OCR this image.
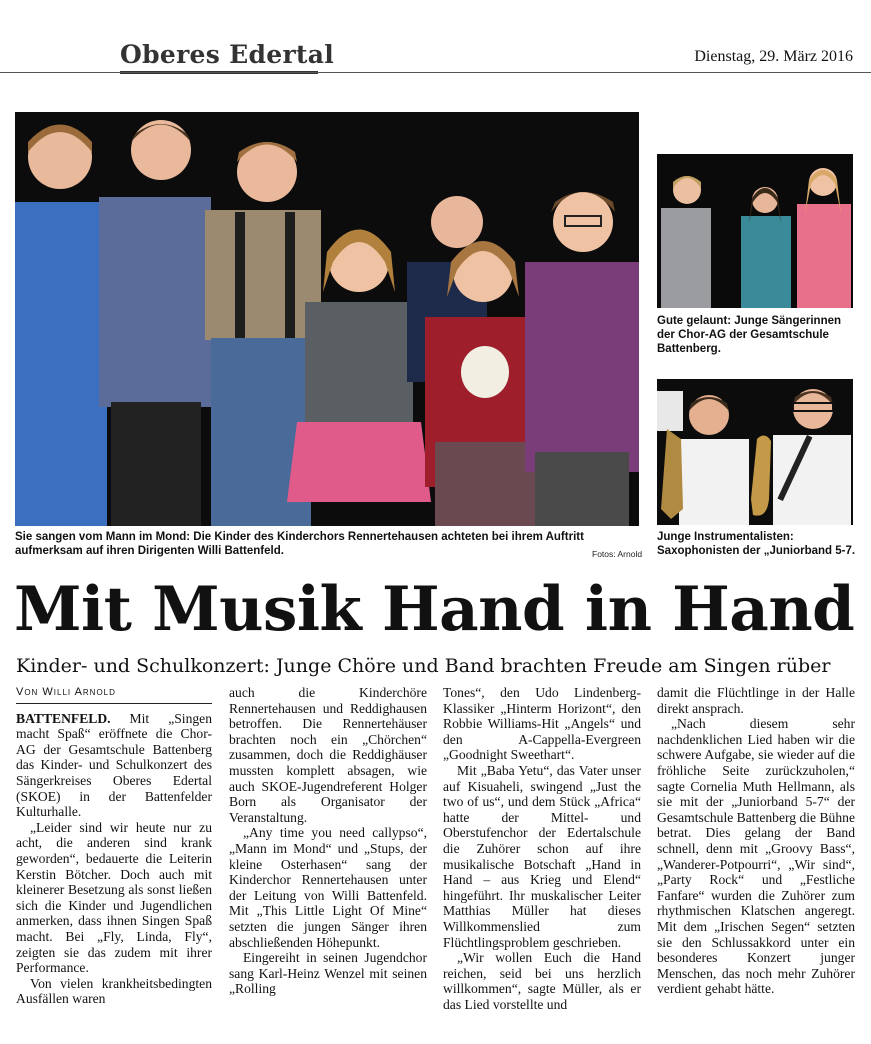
Oberes Edertal	Dienstag, 29. März 2016
Sie sangen vom Mann im Mond: Die Kinder des Kinderchors Rennertehausen achteten bei ihrem Auftritt aufmerksam auf ihren Dirigenten Willi Battenfeld.	Fotos: Arnold
Gute gelaunt: Junge Sängerinnen der Chor-AG der Gesamtschule Battenberg.
Junge Instrumentalisten: Saxophonisten der „Juniorband 5-7.
Mit Musik Hand in Hand
Kinder- und Schulkonzert: Junge Chöre und Band brachten Freude am Singen rüber
Von Willi Arnold

BATTENFELD. Mit „Singen macht Spaß“ eröffnete die Chor-AG der Gesamtschule Battenberg das Kinder- und Schulkonzert des Sängerkreises Oberes Edertal (SKOE) in der Battenfelder Kulturhalle.

„Leider sind wir heute nur zu acht, die anderen sind krank geworden“, bedauerte die Leiterin Kerstin Bötcher. Doch auch mit kleinerer Besetzung als sonst ließen sich die Kinder und Jugendlichen anmerken, dass ihnen Singen Spaß macht. Bei „Fly, Linda, Fly“, zeigten sie das zudem mit ihrer Performance.

Von vielen krankheitsbedingten Ausfällen waren

auch die Kinderchöre Rennertehausen und Reddighausen betroffen. Die Rennertehäuser brachten noch ein „Chörchen“ zusammen, doch die Reddighäuser mussten komplett absagen, wie auch SKOE-Jugendreferent Holger Born als Organisator der Veranstaltung.

„Any time you need callypso“, „Mann im Mond“ und „Stups, der kleine Osterhasen“ sang der Kinderchor Rennertehausen unter der Leitung von Willi Battenfeld. Mit „This Little Light Of Mine“ setzten die jungen Sänger ihren abschließenden Höhepunkt.

Eingereiht in seinen Jugendchor sang Karl-Heinz Wenzel mit seinen „Rolling

Tones“, den Udo Lindenberg-Klassiker „Hinterm Horizont“, den Robbie Williams-Hit „Angels“ und den A-Cappella-Evergreen „Goodnight Sweethart“.

Mit „Baba Yetu“, das Vater unser auf Kisuaheli, swingend „Just the two of us“, und dem Stück „Africa“ hatte der Mittel- und Oberstufenchor der Edertalschule die Zuhörer schon auf ihre musikalische Botschaft „Hand in Hand – aus Krieg und Elend“ hingeführt. Ihr muskalischer Leiter Matthias Müller hat dieses Willkommenslied zum Flüchtlingsproblem geschrieben.

„Wir wollen Euch die Hand reichen, seid bei uns herzlich willkommen“, sagte Müller, als er das Lied vorstellte und

damit die Flüchtlinge in der Halle direkt ansprach.

„Nach diesem sehr nachdenklichen Lied haben wir die schwere Aufgabe, sie wieder auf die fröhliche Seite zurückzuholen,“ sagte Cornelia Muth Hellmann, als sie mit der „Juniorband 5-7“ der Gesamtschule Battenberg die Bühne betrat. Dies gelang der Band schnell, denn mit „Groovy Bass“, „Wanderer-Potpourri“, „Wir sind“, „Party Rock“ und „Festliche Fanfare“ wurden die Zuhörer zum rhythmischen Klatschen angeregt. Mit dem „Irischen Segen“ setzten sie den Schlussakkord unter ein besonderes Konzert junger Menschen, das noch mehr Zuhörer verdient gehabt hätte.
